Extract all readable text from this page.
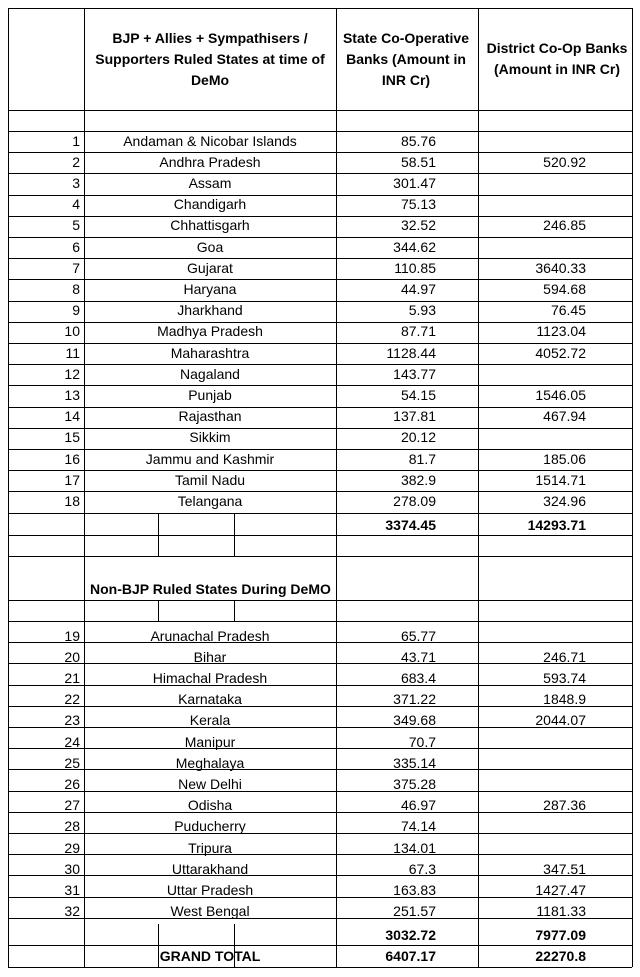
BJP + Allies + Sympathisers / Supporters Ruled States at time of DeMo
State Co-Operative Banks (Amount in INR Cr)
District Co-Op Banks (Amount in INR Cr)
1	Andaman & Nicobar Islands	85.76
2	Andhra Pradesh	58.51	520.92
3	Assam	301.47
4	Chandigarh	75.13
5	Chhattisgarh	32.52	246.85
6	Goa	344.62
7	Gujarat	110.85	3640.33
8	Haryana	44.97	594.68
9	Jharkhand	5.93	76.45
10	Madhya Pradesh	87.71	1123.04
11	Maharashtra	1128.44	4052.72
12	Nagaland	143.77
13	Punjab	54.15	1546.05
14	Rajasthan	137.81	467.94
15	Sikkim	20.12
16	Jammu and Kashmir	81.7	185.06
17	Tamil Nadu	382.9	1514.71
18	Telangana	278.09	324.96
3374.45	14293.71
Non-BJP Ruled States During DeMO
19	Arunachal Pradesh	65.77
20	Bihar	43.71	246.71
21	Himachal Pradesh	683.4	593.74
22	Karnataka	371.22	1848.9
23	Kerala	349.68	2044.07
24	Manipur	70.7
25	Meghalaya	335.14
26	New Delhi	375.28
27	Odisha	46.97	287.36
28	Puducherry	74.14
29	Tripura	134.01
30	Uttarakhand	67.3	347.51
31	Uttar Pradesh	163.83	1427.47
32	West Bengal	251.57	1181.33
3032.72	7977.09
GRAND TOTAL	6407.17	22270.8
